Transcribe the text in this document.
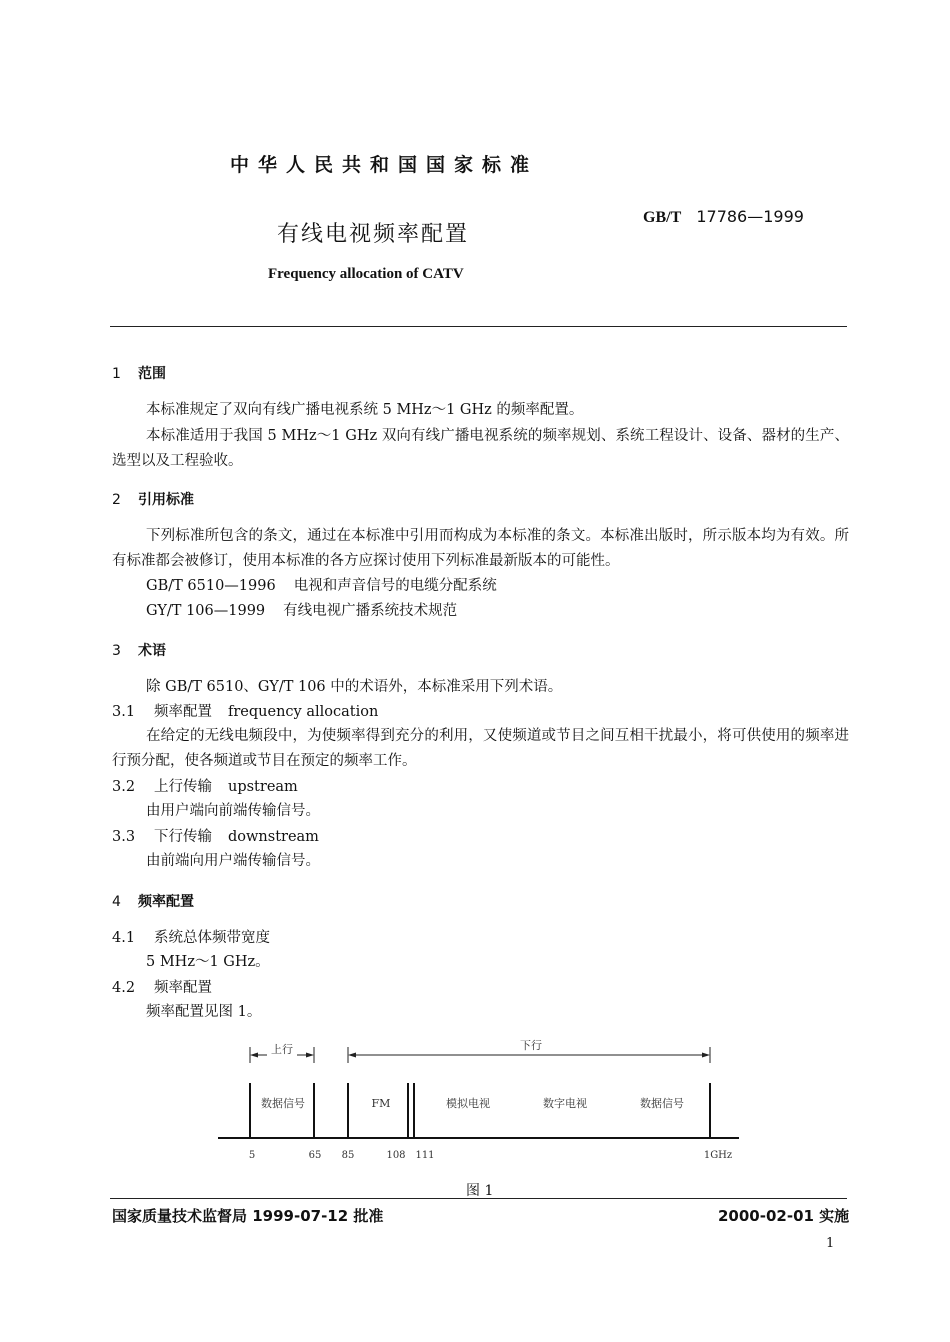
中华人民共和国国家标准
有线电视频率配置
GB/T 17786—1999
Frequency allocation of CATV
1 范围
本标准规定了双向有线广播电视系统 5 MHz～1 GHz 的频率配置。
本标准适用于我国 5 MHz～1 GHz 双向有线广播电视系统的频率规划、系统工程设计、设备、器材的生产、选型以及工程验收。
2 引用标准
下列标准所包含的条文，通过在本标准中引用而构成为本标准的条文。本标准出版时，所示版本均为有效。所有标准都会被修订，使用本标准的各方应探讨使用下列标准最新版本的可能性。
GB/T 6510—1996 电视和声音信号的电缆分配系统
GY/T 106—1999 有线电视广播系统技术规范
3 术语
除 GB/T 6510、GY/T 106 中的术语外，本标准采用下列术语。
3.1 频率配置 frequency allocation
在给定的无线电频段中，为使频率得到充分的利用，又使频道或节目之间互相干扰最小，将可供使用的频率进行预分配，使各频道或节目在预定的频率工作。
3.2 上行传输 upstream
由用户端向前端传输信号。
3.3 下行传输 downstream
由前端向用户端传输信号。
4 频率配置
4.1 系统总体频带宽度
5 MHz～1 GHz。
4.2 频率配置
频率配置见图 1。
上行	下行
数据信号	FM	模拟电视	数字电视	数据信号
5	65 85	108 111	1GHz
图 1
国家质量技术监督局 1999-07-12 批准	2000-02-01 实施
1
